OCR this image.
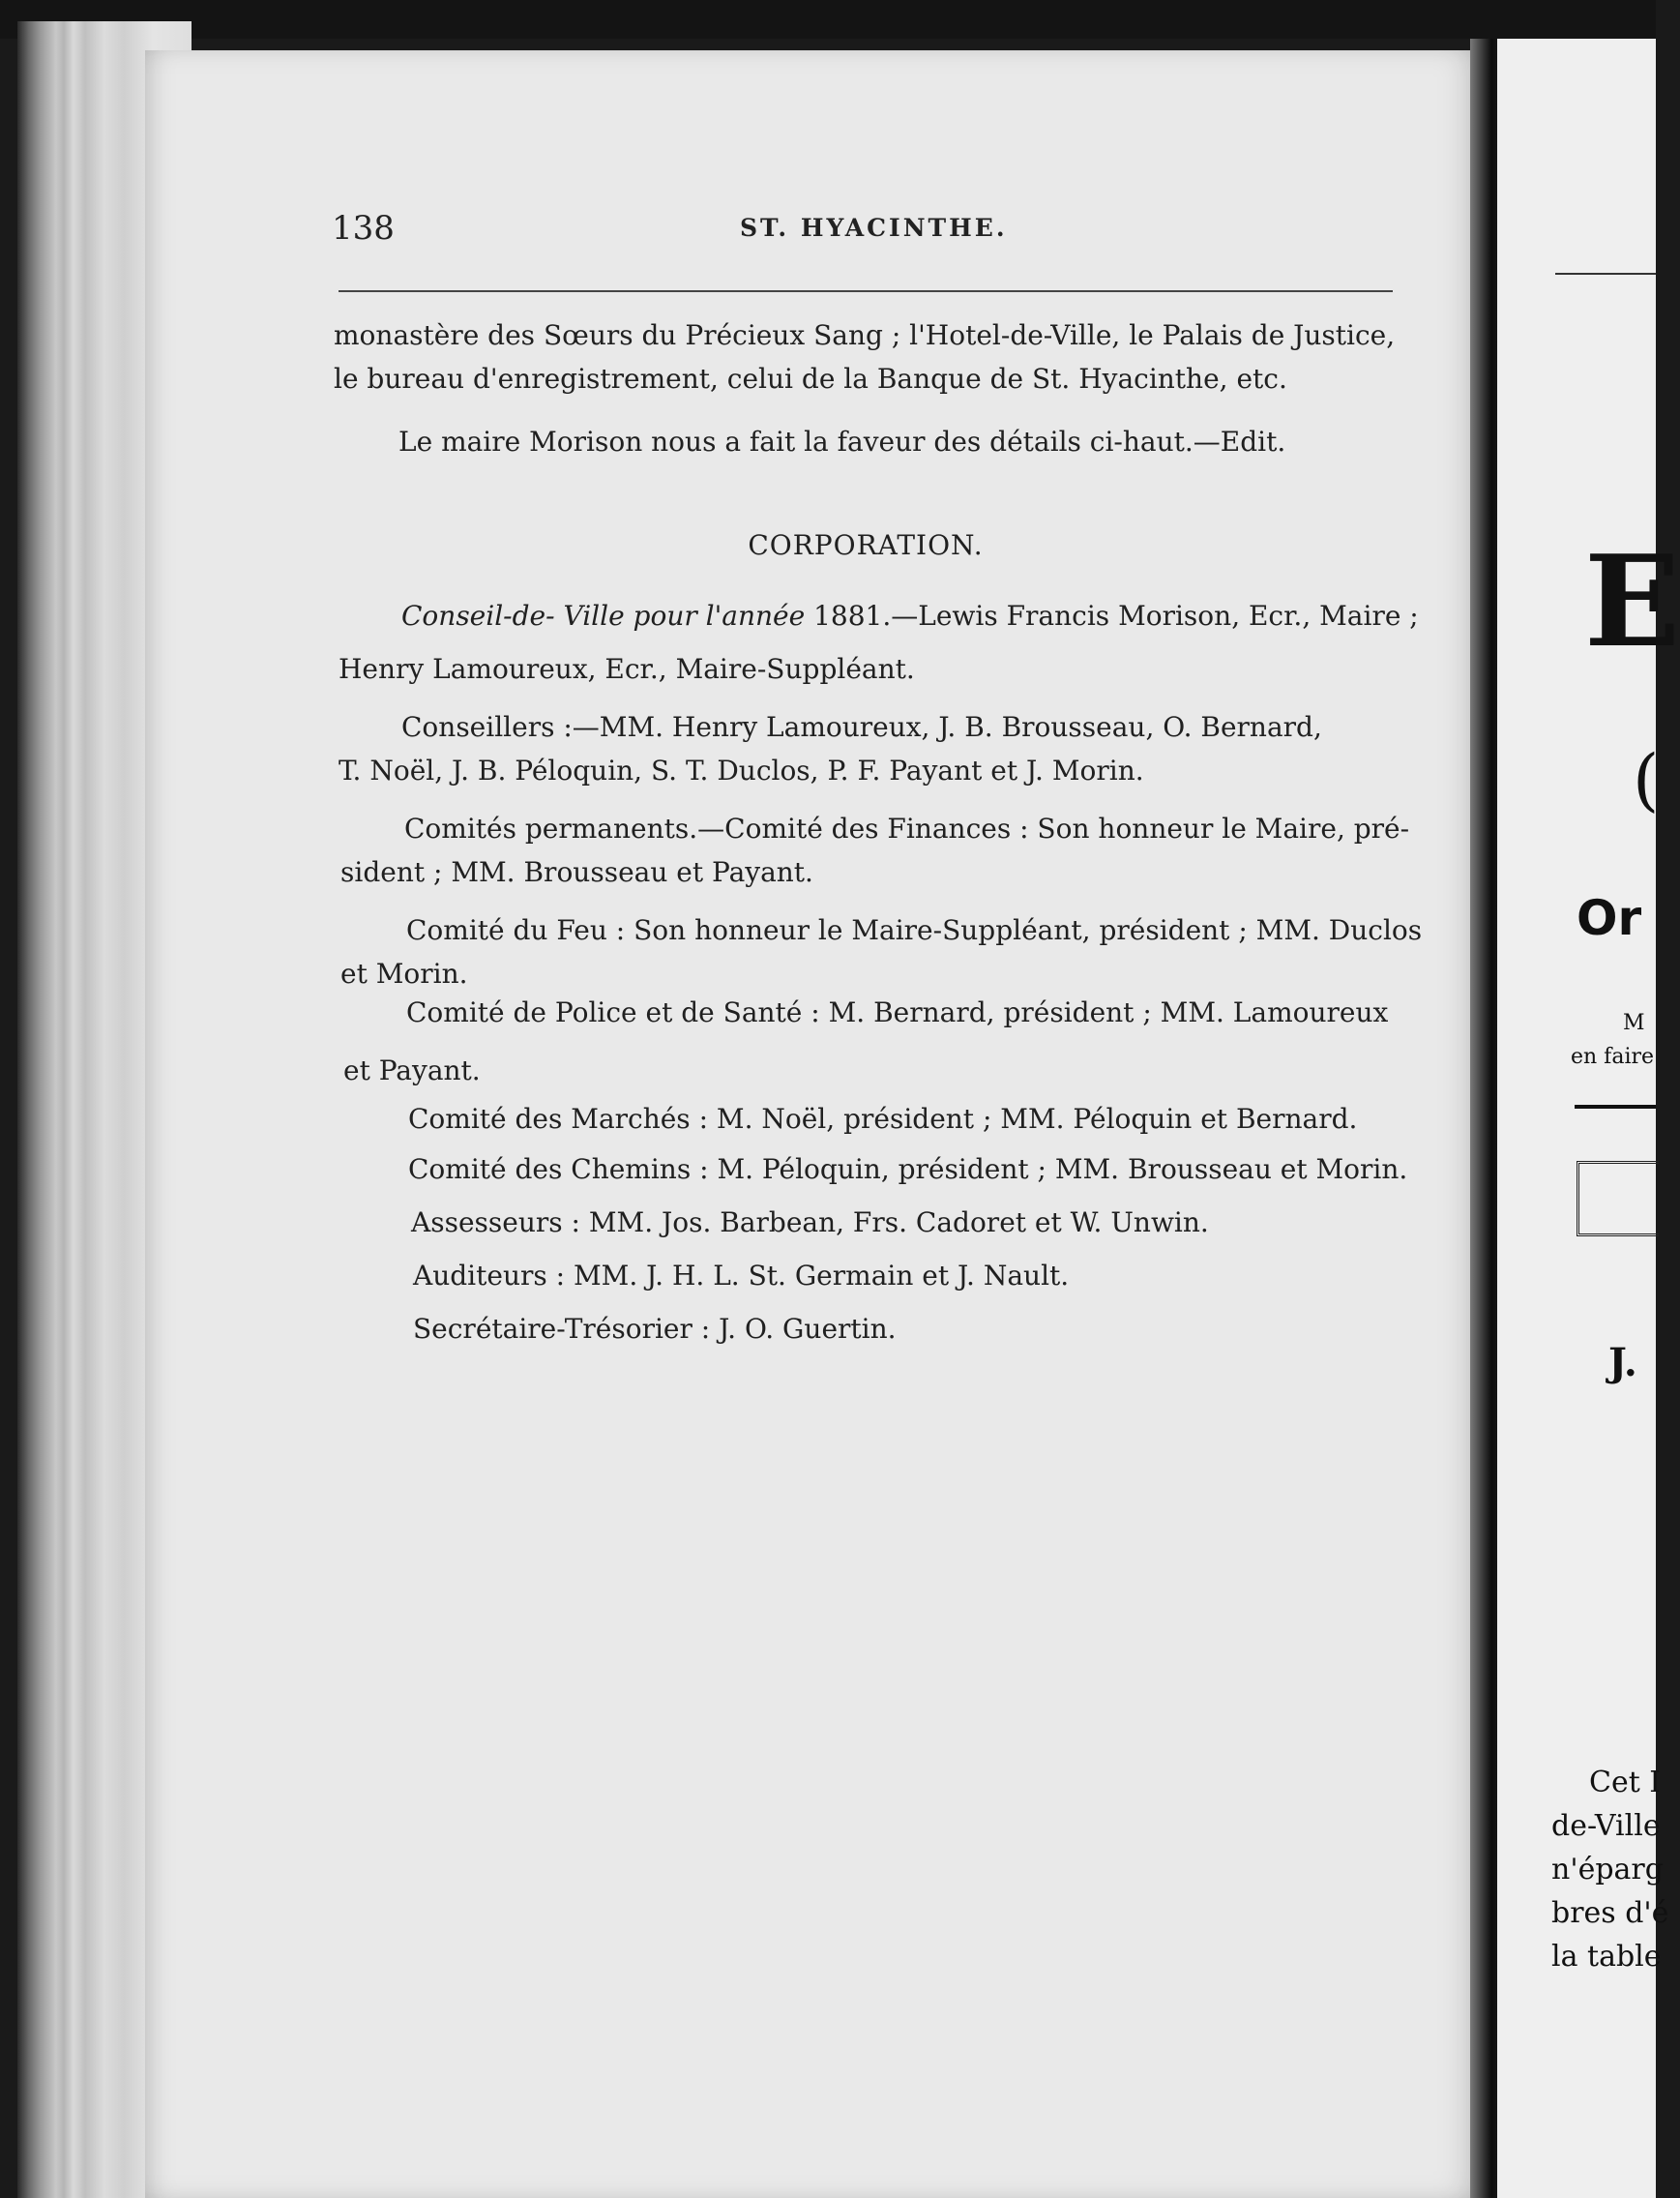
E
(
Or
M
en faire
J.
Cet I
de-Ville
n'éparg
bres d'é
la table
138	ST. HYACINTHE.
monastère des Sœurs du Précieux Sang ; l'Hotel-de-Ville, le Palais de Justice,
le bureau d'enregistrement, celui de la Banque de St. Hyacinthe, etc.
Le maire Morison nous a fait la faveur des détails ci-haut.—Edit.
CORPORATION.
Conseil-de- Ville pour l'année 1881.—Lewis Francis Morison, Ecr., Maire ;
Henry Lamoureux, Ecr., Maire-Suppléant.
Conseillers :—MM. Henry Lamoureux, J. B. Brousseau, O. Bernard,
T. Noël, J. B. Péloquin, S. T. Duclos, P. F. Payant et J. Morin.
Comités permanents.—Comité des Finances : Son honneur le Maire, pré-
sident ; MM. Brousseau et Payant.
Comité du Feu : Son honneur le Maire-Suppléant, président ; MM. Duclos
et Morin.
Comité de Police et de Santé : M. Bernard, président ; MM. Lamoureux
et Payant.
Comité des Marchés : M. Noël, président ; MM. Péloquin et Bernard.
Comité des Chemins : M. Péloquin, président ; MM. Brousseau et Morin.
Assesseurs : MM. Jos. Barbean, Frs. Cadoret et W. Unwin.
Auditeurs : MM. J. H. L. St. Germain et J. Nault.
Secrétaire-Trésorier : J. O. Guertin.
